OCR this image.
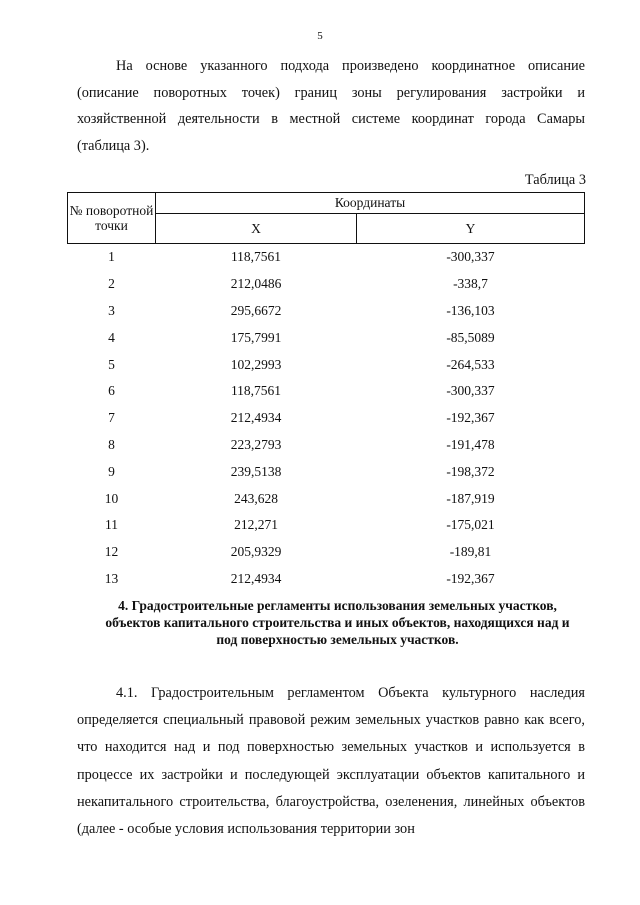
5

На основе указанного подхода произведено координатное описание (описание поворотных точек) границ зоны регулирования застройки и хозяйственной деятельности в местной системе координат города Самары (таблица 3).

Таблица 3
№ поворотной точки	Координаты	
	X	Y
1	118,7561	-300,337
2	212,0486	-338,7
3	295,6672	-136,103
4	175,7991	-85,5089
5	102,2993	-264,533
6	118,7561	-300,337
7	212,4934	-192,367
8	223,2793	-191,478
9	239,5138	-198,372
10	243,628	-187,919
11	212,271	-175,021
12	205,9329	-189,81
13	212,4934	-192,367
4. Градостроительные регламенты использования земельных участков, объектов капитального строительства и иных объектов, находящихся над и под поверхностью земельных участков.

4.1. Градостроительным регламентом Объекта культурного наследия определяется специальный правовой режим земельных участков равно как всего, что находится над и под поверхностью земельных участков и используется в процессе их застройки и последующей эксплуатации объектов капитального и некапитального строительства, благоустройства, озеленения, линейных объектов (далее - особые условия использования территории зон
